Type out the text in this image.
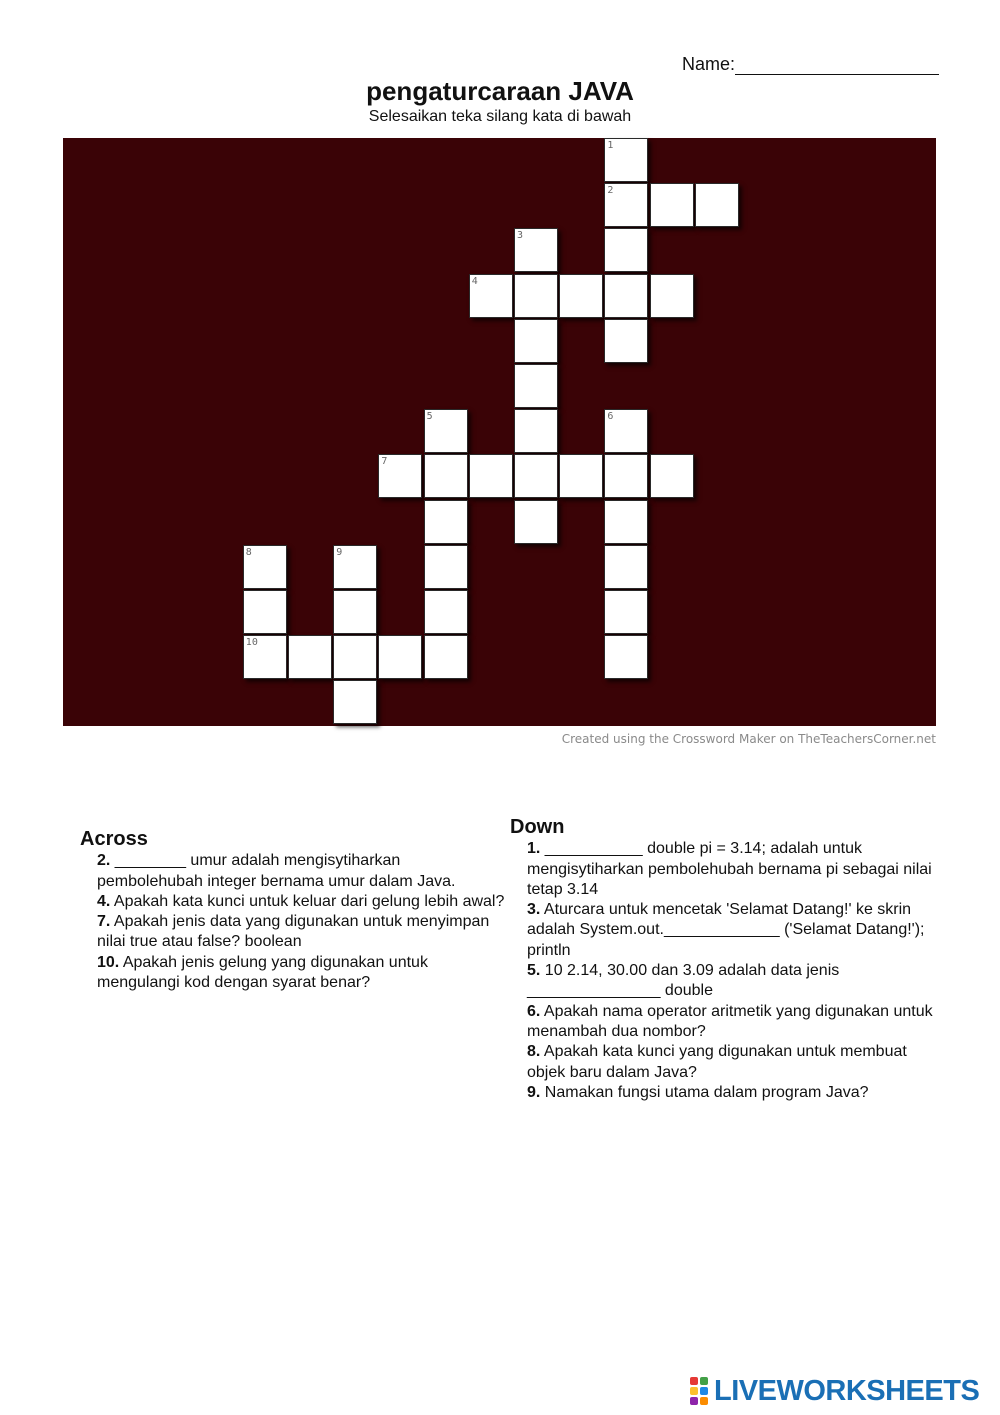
Name:
pengaturcaraan JAVA
Selesaikan teka silang kata di bawah
1
2
3
4
5	6
7
8	9
10
Created using the Crossword Maker on TheTeachersCorner.net
Across
2. ________ umur adalah mengisytiharkan pembolehubah integer bernama umur dalam Java.
4. Apakah kata kunci untuk keluar dari gelung lebih awal?
7. Apakah jenis data yang digunakan untuk menyimpan nilai true atau false? boolean
10. Apakah jenis gelung yang digunakan untuk mengulangi kod dengan syarat benar?
Down
1. ___________ double pi = 3.14; adalah untuk mengisytiharkan pembolehubah bernama pi sebagai nilai tetap 3.14
3. Aturcara untuk mencetak 'Selamat Datang!' ke skrin adalah System.out._____________ ('Selamat Datang!'); println
5. 10 2.14, 30.00 dan 3.09 adalah data jenis _______________ double
6. Apakah nama operator aritmetik yang digunakan untuk menambah dua nombor?
8. Apakah kata kunci yang digunakan untuk membuat objek baru dalam Java?
9. Namakan fungsi utama dalam program Java?
LIVEWORKSHEETS
